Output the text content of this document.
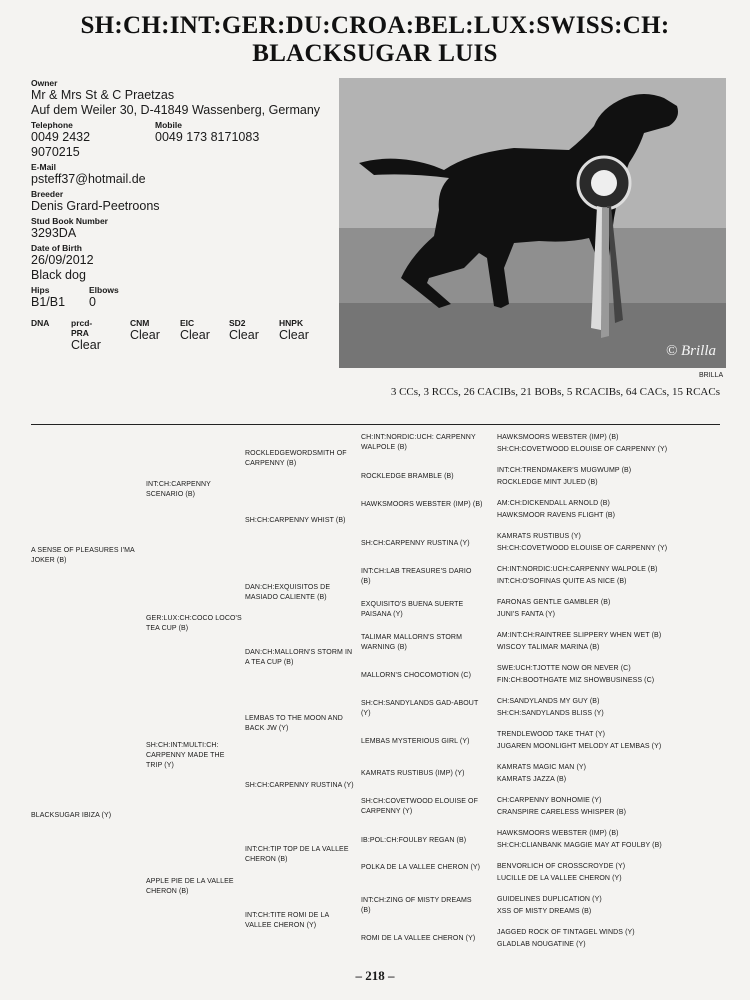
SH:CH:INT:GER:DU:CROA:BEL:LUX:SWISS:CH:
BLACKSUGAR LUIS
Owner
Mr & Mrs St & C Praetzas
Auf dem Weiler 30, D-41849 Wassenberg, Germany
Telephone
0049 2432 9070215
Mobile
0049 173 8171083
E-Mail
psteff37@hotmail.de
Breeder
Denis Grard-Peetroons
Stud Book Number
3293DA
Date of Birth
26/09/2012
Black dog
Hips
B1/B1
Elbows
0
DNA	prcd-PRA
Clear
CNM
Clear
EIC
Clear
SD2
Clear
HNPK
Clear
© Brilla
BRILLA
3 CCs, 3 RCCs, 26 CACIBs, 21 BOBs, 5 RCACIBs, 64 CACs, 15 RCACs
A SENSE OF PLEASURES I'MA JOKER (B)
BLACKSUGAR IBIZA (Y)
INT:CH:CARPENNY SCENARIO (B)
GER:LUX:CH:COCO LOCO'S TEA CUP (B)
SH:CH:INT:MULTI:CH: CARPENNY MADE THE TRIP (Y)
APPLE PIE DE LA VALLEE CHERON (B)
ROCKLEDGEWORDSMITH OF CARPENNY (B)
SH:CH:CARPENNY WHIST (B)
DAN:CH:EXQUISITOS DE MASIADO CALIENTE (B)
DAN:CH:MALLORN'S STORM IN A TEA CUP (B)
LEMBAS TO THE MOON AND BACK JW (Y)
SH:CH:CARPENNY RUSTINA (Y)
INT:CH:TIP TOP DE LA VALLEE CHERON (B)
INT:CH:TITE ROMI DE LA VALLEE CHERON (Y)
CH:INT:NORDIC:UCH: CARPENNY WALPOLE (B)
ROCKLEDGE BRAMBLE (B)
HAWKSMOORS WEBSTER (IMP) (B)
SH:CH:CARPENNY RUSTINA (Y)
INT:CH:LAB TREASURE'S DARIO (B)
EXQUISITO'S BUENA SUERTE PAISANA (Y)
TALIMAR MALLORN'S STORM WARNING (B)
MALLORN'S CHOCOMOTION (C)
SH:CH:SANDYLANDS GAD-ABOUT (Y)
LEMBAS MYSTERIOUS GIRL (Y)
KAMRATS RUSTIBUS (IMP) (Y)
SH:CH:COVETWOOD ELOUISE OF CARPENNY (Y)
IB:POL:CH:FOULBY REGAN (B)
POLKA DE LA VALLEE CHERON (Y)
INT:CH:ZING OF MISTY DREAMS (B)
ROMI DE LA VALLEE CHERON (Y)
HAWKSMOORS WEBSTER (IMP) (B)
SH:CH:COVETWOOD ELOUISE OF CARPENNY (Y)
INT:CH:TRENDMAKER'S MUGWUMP (B)
ROCKLEDGE MINT JULED (B)
AM:CH:DICKENDALL ARNOLD (B)
HAWKSMOOR RAVENS FLIGHT (B)
KAMRATS RUSTIBUS (Y)
SH:CH:COVETWOOD ELOUISE OF CARPENNY (Y)
CH:INT:NORDIC:UCH:CARPENNY WALPOLE (B)
INT:CH:O'SOFINAS QUITE AS NICE (B)
FARONAS GENTLE GAMBLER (B)
JUNI'S FANTA (Y)
AM:INT:CH:RAINTREE SLIPPERY WHEN WET (B)
WISCOY TALIMAR MARINA (B)
SWE:UCH:TJOTTE NOW OR NEVER (C)
FIN:CH:BOOTHGATE MIZ SHOWBUSINESS (C)
CH:SANDYLANDS MY GUY (B)
SH:CH:SANDYLANDS BLISS (Y)
TRENDLEWOOD TAKE THAT (Y)
JUGAREN MOONLIGHT MELODY AT LEMBAS (Y)
KAMRATS MAGIC MAN (Y)
KAMRATS JAZZA (B)
CH:CARPENNY BONHOMIE (Y)
CRANSPIRE CARELESS WHISPER (B)
HAWKSMOORS WEBSTER (IMP) (B)
SH:CH:CLIANBANK MAGGIE MAY AT FOULBY (B)
BENVORLICH OF CROSSCROYDE (Y)
LUCILLE DE LA VALLEE CHERON (Y)
GUIDELINES DUPLICATION (Y)
XSS OF MISTY DREAMS (B)
JAGGED ROCK OF TINTAGEL WINDS (Y)
GLADLAB NOUGATINE (Y)
– 218 –
